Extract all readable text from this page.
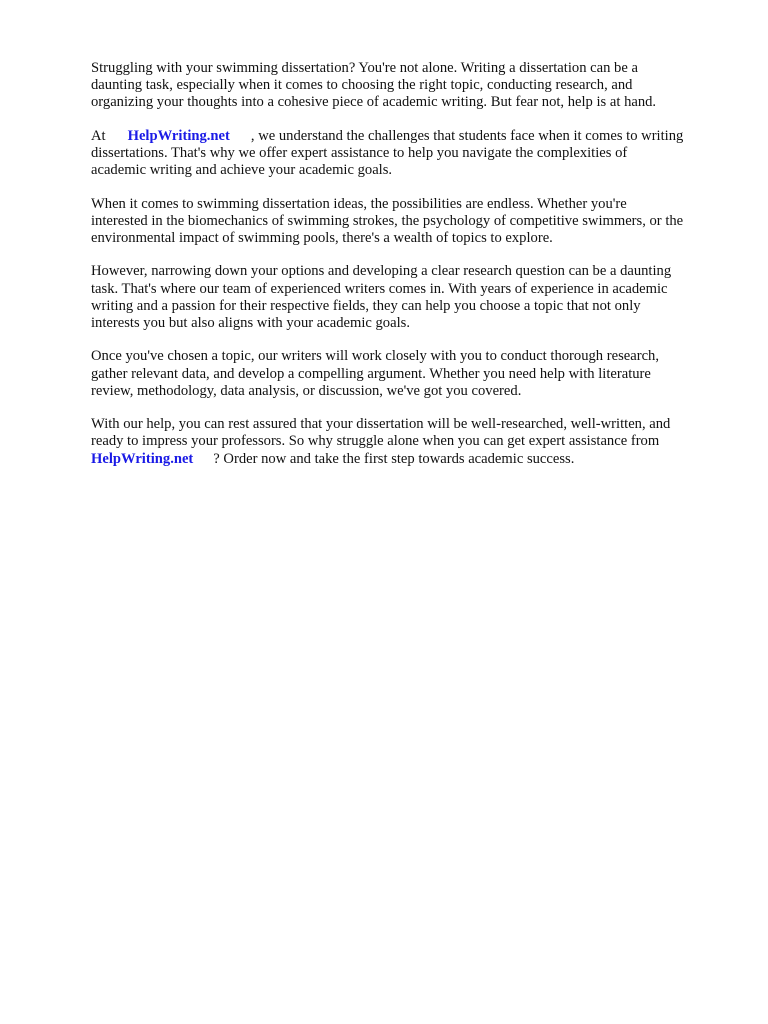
Struggling with your swimming dissertation? You're not alone. Writing a dissertation can be a
daunting task, especially when it comes to choosing the right topic, conducting research, and
organizing your thoughts into a cohesive piece of academic writing. But fear not, help is at hand.

At HelpWriting.net , we understand the challenges that students face when it comes to writing
dissertations. That's why we offer expert assistance to help you navigate the complexities of
academic writing and achieve your academic goals.

When it comes to swimming dissertation ideas, the possibilities are endless. Whether you're
interested in the biomechanics of swimming strokes, the psychology of competitive swimmers, or the
environmental impact of swimming pools, there's a wealth of topics to explore.

However, narrowing down your options and developing a clear research question can be a daunting
task. That's where our team of experienced writers comes in. With years of experience in academic
writing and a passion for their respective fields, they can help you choose a topic that not only
interests you but also aligns with your academic goals.

Once you've chosen a topic, our writers will work closely with you to conduct thorough research,
gather relevant data, and develop a compelling argument. Whether you need help with literature
review, methodology, data analysis, or discussion, we've got you covered.

With our help, you can rest assured that your dissertation will be well-researched, well-written, and
ready to impress your professors. So why struggle alone when you can get expert assistance from
HelpWriting.net ? Order now and take the first step towards academic success.
